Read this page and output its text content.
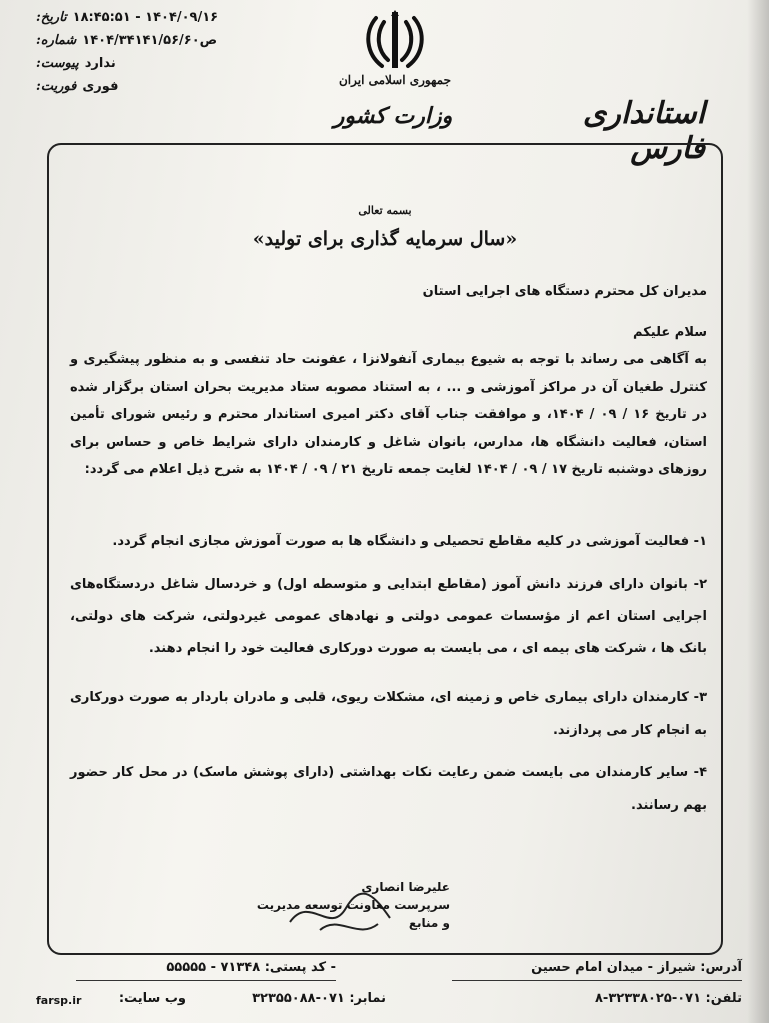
تاریخ: ۱۴۰۴/۰۹/۱۶ - ۱۸:۴۵:۵۱
شماره: ص۱۴۰۴/۳۴۱۴۱/۵۶/۶۰
پیوست: ندارد
فوریت: فوری	جمهوری اسلامی ایران
وزارت کشور	استانداری فارس
بسمه تعالی
«سال سرمایه گذاری برای تولید»
مدیران کل محترم دستگاه های اجرایی استان
سلام علیکم
به آگاهی می رساند با توجه به شیوع بیماری آنفولانزا ، عفونت حاد تنفسی و به منظور پیشگیری و کنترل طغیان آن در مراکز آموزشی و ... ، به استناد مصوبه ستاد مدیریت بحران استان برگزار شده در تاریخ ۱۶ / ۰۹ / ۱۴۰۴، و موافقت جناب آقای دکتر امیری استاندار محترم و رئیس شورای تأمین استان، فعالیت دانشگاه ها، مدارس، بانوان شاغل و کارمندان دارای شرایط خاص و حساس برای روزهای دوشنبه تاریخ ۱۷ / ۰۹ / ۱۴۰۴ لغایت جمعه تاریخ ۲۱ / ۰۹ / ۱۴۰۴ به شرح ذیل اعلام می گردد:
۱- فعالیت آموزشی در کلیه مقاطع تحصیلی و دانشگاه ها به صورت آموزش مجازی انجام گردد.
۲- بانوان دارای فرزند دانش آموز (مقاطع ابتدایی و متوسطه اول) و خردسال شاغل دردستگاه‌های اجرایی استان اعم از مؤسسات عمومی دولتی و نهادهای عمومی غیردولتی، شرکت های دولتی، بانک ها ، شرکت های بیمه ای ، می بایست به صورت دورکاری فعالیت خود را انجام دهند.
۳- کارمندان دارای بیماری خاص و زمینه ای، مشکلات ریوی، قلبی و مادران باردار به صورت دورکاری به انجام کار می پردازند.
۴- سایر کارمندان می بایست ضمن رعایت نکات بهداشتی (دارای پوشش ماسک) در محل کار حضور بهم رسانند.
علیرضا انصاری
سرپرست معاونت توسعه مدیریت و منابع
آدرس: شیراز - میدان امام حسین
- کد پستی: ۷۱۳۴۸ - ۵۵۵۵۵
تلفن: ۰۷۱-۳۲۳۳۸۰۲۵-۸
نمابر: ۰۷۱-۳۲۳۵۵۰۸۸
وب سایت:
farsp.ir
